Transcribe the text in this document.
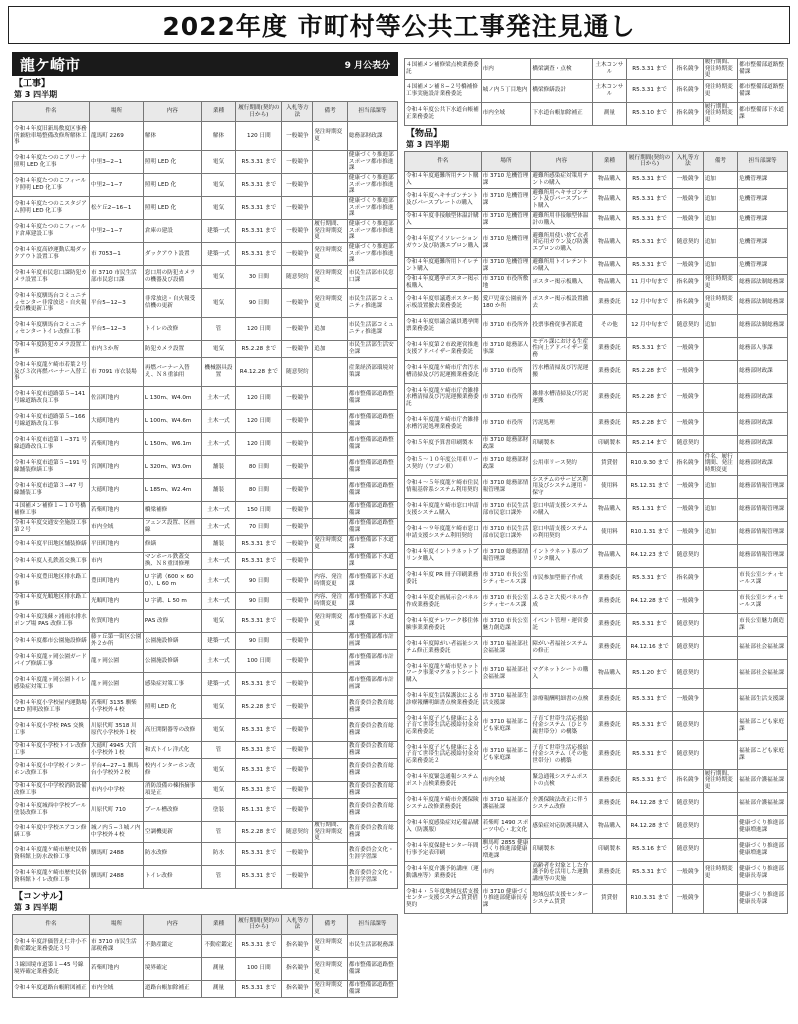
2022年度 市町村等公共工事発注見通し
龍ケ崎市	9 月公表分
【工事】
第 3 四半期
件名	場所	内容	業種	履行期間(契約の日から)	入札等方法	備考	担当部課等
令和４年度旧新馬敷度区事務所兼駐車場整備改修所解体工事	龍馬町 2269	解体	解体	120 日間	一般競争	発注時期変更	総務部財政課
令和４年度たつのこアリーナ照明 LED 化工事	中里3−2−1	照明 LED 化	電気	R5.3.31 まで	一般競争		健康づくり推進部スポーツ都市推進課
令和４年度たつのこフィールド照明 LED 化工事	中里2−1−7	照明 LED 化	電気	R5.3.31 まで	一般競争		健康づくり推進部スポーツ都市推進課
令和４年度たつのこスタジアム照明 LED 化工事	松ケ丘2−16−1	照明 LED 化	電気	R5.3.31 まで	一般競争		健康づくり推進部スポーツ都市推進課
令和４年度たつのこフィールド倉庫建設工事	中里2−1−7	倉庫の建設	建築一式	R5.3.31 まで	一般競争	履行期間、発注時期変更	健康づくり推進部スポーツ都市推進課
令和４年度高砂運動広場ダックアウト設置工事	市 7053−1	ダックアウト設置	建築一式	R5.3.31 まで	一般競争	発注時期変更	健康づくり推進部スポーツ都市推進課
令和４年度市民窓口課防犯カメラ設置工事	市 3710 市民生活部市民窓口課	窓口用の防犯カメラの機器及び設備	電気	30 日間	随意契約	発注時期変更	市民生活部市民窓口課
令和４年度馴馬台コミュニティセンター非常放送・自火報受信機更新工事	平台5−12−3	非常放送・自火報受信機の更新	電気	90 日間	一般競争	発注時期変更	市民生活部コミュニティ推進課
令和４年度馴馬台コミュニティセンタートイレ改修工事	平台5−12−3	トイレの改修	管	120 日間	一般競争	追加	市民生活部コミュニティ推進課
令和４年度防犯カメラ設置工事	市内３か所	防犯カメラ設置	電気	R5.2.28 まで	一般競争	追加	市民生活部生活安全課
令和４年度龍ケ崎市若葉２号及び３次再燃バーナー入替工事	市 7091 市衣装場	再燃バーナー入替え、Ｎ８重油用	機械器具設置	R4.12.28 まで	随意契約		産業経済部環境対策課
令和４年度市道路第５−141 号線道路改良工事	佐沼町地内	L 130m、W4.0m	土木一式	120 日間	一般競争		都市整備部道路整備課
令和４年度市道路第５−166 号線道路改良工事	大徳町地内	L 100m、W4.6m	土木一式	120 日間	一般競争		都市整備部道路整備課
令和４年度市道第１−371 号線道路改良工事	若柴町地内	L 150m、W6.1m	土木一式	120 日間	一般競争		都市整備部道路整備課
令和４年度市道第５−191 号線舗装修繕工事	宮渕町地内	L 320m、W3.0m	舗装	80 日間	一般競争		都市整備部道路整備課
令和４年度市道第３−47 号線舗装工事	大徳町地内	L 185m、W2.4m	舗装	80 日間	一般競争		都市整備部道路整備課
４国補メン補修１−１０号橋補修工事	若柴町地内	橋梁補修	土木一式	150 日間	一般競争		都市整備部道路整備課
令和４年度交通安全施設工事第２号	市内全域	フェンス設置、区画線	土木一式	70 日間	一般競争		都市整備部道路整備課
令和４年度平田地区舗装修繕	平田町地内	修繕	舗装	R5.3.31 まで	一般競争	発注時期変更	都市整備部下水道課
令和４年度人孔鉄蓋交換工事	市内	マンホール鉄蓋交換、Ｎ８重団修理	土木一式	R5.3.31 まで	一般競争		都市整備部下水道課
令和４年度豊田地区排水路工事	豊田町地内	U 字溝（600 × 600）、L 60 m	土木一式	90 日間	一般競争	内容、発注時期変更	都市整備部下水道課
令和４年度光順地区排水路工事	光順町地内	U 字溝、L 50 m	土木一式	90 日間	一般競争	内容、発注時期変更	都市整備部下水道課
令和４年度浅蘇ヶ浦雨水排水ポンプ場 PAS 改修工事	佐賀町地内	PAS 改修	電気	R5.3.31 まで	一般競争	発注時期変更	都市整備部下水道課
令和４年度都市公園施設修繕	藤ヶ丘第一街区公園外２か所	公園施設修繕	建築一式	90 日間	一般競争		都市整備部都市計画課
令和４年度龍ヶ岡公園ガードパイプ修繕工事	龍ヶ岡公園	公園施設修繕	土木一式	100 日間	一般競争		都市整備部都市計画課
令和４年度龍ヶ岡公園トイレ感染症対策工事	龍ヶ岡公園	感染症対策工事	建築一式	R5.3.31 まで	一般競争		都市整備部都市計画課
令和４年度小学校屋内運動場 LED 照明改修工事	若柴町 3135 馴柴小学校外４校	照明 LED 化	電気	R5.2.28 まで	一般競争		教育委員会教育総務課
令和４年度小学校 PAS 交換工事	川原代町 3518 川原代小学校外１校	高圧開閉器等の改修	電気	R5.3.31 まで	一般競争		教育委員会教育総務課
令和４年度小学校トイレ改修工事	大徳町 4945 大宮小学校外１校	和式トイレ洋式化	管	R5.3.31 まで	一般競争		教育委員会教育総務課
令和４年度小中学校インターホン改修工事	平台4−27−1 馴馬台小学校外２校	校内インターホン改修	電気	R5.3.31 まで	一般競争		教育委員会教育総務課
令和４年度小中学校消防設備改修工事	市内小中学校	消防設備の棟指摘事項是正	電気	R5.3.31 まで	一般競争		教育委員会教育総務課
令和４年度城西中学校プール塗装改修工事	川原代町 710	プール槽改修	塗装	R5.1.31 まで	一般競争		教育委員会教育総務課
令和４年度中学校エアコン修繕工事	城ノ内５−３城ノ内中学校外４校	空調機更新	管	R5.2.28 まで	随意契約	履行期間、発注時期変更	教育委員会教育総務課
令和４年度龍ケ崎市歴史民俗資料館上防水改修工事	馴馬町 2488	防水改修	防水	R5.3.31 まで	一般競争		教育委員会文化・生涯学習課
令和４年度龍ケ崎市歴史民俗資料館トイレ改修工事	馴馬町 2488	トイレ改修	管	R5.3.31 まで	一般競争		教育委員会文化・生涯学習課
【コンサル】
第 3 四半期
件名	場所	内容	業種	履行期間(契約の日から)	入札等方法	備考	担当部課等
令和４年度評価替え仁井小不動産鑑定業務委託３号	市 3710 市民生活部税務課	不動産鑑定	不動産鑑定	R5.3.31 まで	指名競争	発注時期変更	市民生活部税務課
３線国境市道第１−45 号線境界確定業務委託	若柴町地内	境界確定	測量	100 日間	指名競争	発注時期変更	都市整備部道路整備課
令和４年度道路台帳附図補正	市内全域	道路台帳加除補正	測量	R5.3.31 まで	指名競争	発注時期変更	都市整備部道路整備課
４国補メン補修梁点検業務委託	市内	橋梁調査・点検	土木コンサル	R5.3.31 まで	指名競争	履行期間、発注時期変更	都市整備部道路整備課
４国補メン補８−２号橋補修工事実施設計業務委託	城ノ内５丁目地内	橋梁修繕設計	土木コンサル	R5.3.31 まで	指名競争	発注時期変更	都市整備部道路整備課
令和４年度公共下水道台帳補正業務委託	市内全域	下水道台帳加除補正	測量	R5.3.10 まで	指名競争	履行期間、発注時期変更	都市整備部下水道課
【物品】
第 3 四半期
件名	場所	内容	業種	履行期間(契約の日から)	入札等方法	備考	担当部課等
令和４年度避難所用テント購入	市 3710 危機管理課	避難所感染症対策用テントの購入	物品購入	R5.3.31 まで	一般競争	追加	危機管理課
令和４年度ヘキサゴンテント及びパースプレートの購入	市 3710 危機管理課	避難所用ヘキサゴンテント及びパースプレート購入	物品購入	R5.3.31 まで	一般競争	追加	危機管理課
令和４年度非接触型体温計購入	市 3710 危機管理課	避難所用非接触型体温計の購入	物品購入	R5.3.31 まで	一般競争	追加	危機管理課
令和４年度アイソレーションガウン及び防護エプロン購入	市 3710 危機管理課	避難所用使い捨て衣者対応用ガウン及び防護エプロンの購入	物品購入	R5.3.31 まで	随意契約	追加	危機管理課
令和４年度避難所用トイレテント購入	市 3710 危機管理課	避難所用トイレテントの購入	物品購入	R5.3.31 まで	一般競争	追加	危機管理課
令和４年度選挙ポスター掲示板購入	市 3710 市役所敷地	ポスター掲示板購入	物品購入	11 月中旬まで	指名競争	発注時期変更	総務部法制総務課
令和４年度県議選ポスター掲示板設置撤去業務委託	愛戸児童公園前外 180 か所	ポスター掲示板設置撤去	業務委託	12 月中旬まで	指名競争	発注時期変更	総務部法制総務課
令和４年度県議会議員選挙開票業務委託	市 3710 市役所外	投票事務従事者派遣	その他	12 月中旬まで	随意契約	追加	総務部法制総務課
令和４年度第２市政運営推進支援アドバイザー業務委託	市 3710 総務部人事課	モデル課における生産性向上アドバイザー業務	業務委託	R5.3.31 まで	一般競争		総務部人事課
令和４年度龍ケ崎市庁舎汚水槽清掃及び汚泥運搬業務委託	市 3710 市役所	汚水槽清掃及び汚泥運搬	業務委託	R5.2.28 まで	一般競争		総務部財政課
令和４年度龍ケ崎市庁舎雑排水槽清掃及び汚泥運搬業務委託	市 3710 市役所	雑排水槽清掃及び汚泥運搬	業務委託	R5.2.28 まで	一般競争		総務部財政課
令和４年度龍ケ崎市庁舎雑排水槽汚泥処理業務委託	市 3710 市役所	汚泥処理	業務委託	R5.2.28 まで	一般競争		総務部財政課
令和５年度予算書印刷製本	市 3710 総務部財政課	印刷製本	印刷製本	R5.2.14 まで	随意契約		総務部財政課
令和５〜１０年度公用車リース契約（ワゴン車）	市 3710 総務部財政課	公用車リース契約	賃貸借	R10.9.30 まで	指名競争	件名、履行期間、発注時期変更	総務部財政課
令和４〜５年度龍ケ崎市住民情報基幹系システム利用契約	市 3710 総務部情報管理課	システムのサービス利用及びシステム運用・保守	使用料	R5.12.31 まで	一般競争	追加	総務部情報管理課
令和４年度龍ケ崎市窓口申請支援システム購入	市 3710 市民生活部市民窓口課外	窓口申請支援システムの購入	物品購入	R5.1.31 まで	一般競争	追加	総務部情報管理課
令和４〜９年度龍ケ崎市窓口申請支援システム利用契約	市 3710 市民生活部市民窓口課外	窓口申請支援システムの利用契約	使用料	R10.1.31 まで	一般競争	追加	総務部情報管理課
令和４年度イントラネットプリンタ購入	市 3710 総務部情報管理課	イントラネット系のプリンタ購入	物品購入	R4.12.23 まで	随意契約		総務部情報管理課
令和４年度 PR 冊子印刷業務委託	市 3710 市長公室シティセールス課	市民参加型冊子作成	業務委託	R5.3.31 まで	指名競争		市長公室シティセールス課
令和４年度企画展示会パネル作成業務委託	市 3710 市長公室シティセールス課	ふるさと大使パネル作成	業務委託	R4.12.28 まで	一般競争		市長公室シティセールス課
令和４年度テレワーク移住体験事業業務委託	市 3710 市長公室魅力創造課	イベント管理・運営委託	業務委託	R5.3.31 まで	随意契約		市長公室魅力創造課
令和４年度障がい者福祉システム修正業務委託	市 3710 福祉部社会福祉課	障がい者福祉システムの修正	業務委託	R4.12.16 まで	随意契約		福祉部社会福祉課
令和４年度龍ケ崎市児ネットワーク事業マグネットシート購入	市 3710 福祉部社会福祉課	マグネットシートの購入	物品購入	R5.1.20 まで	随意契約		福祉部社会福祉課
令和４年度生活保護法による診療報酬明細書点検業務委託	市 3710 福祉部生活支援課	診療報酬明細書の点検	業務委託	R5.3.31 まで	一般競争		福祉部生活支援課
令和４年度子ども健康による子育て世帯生活応援給付金対応業務委託	市 3710 福祉部こども家庭課	子育て世帯生活応援給付金システム（ひとり親世帯分）の構築	業務委託	R5.3.31 まで	随意契約		福祉部こども家庭課
令和４年度子ども健康による子育て世帯生活応援給付金対応業務委託２	市 3710 福祉部こども家庭課	子育て世帯生活応援給付金システム（その他世帯分）の構築	業務委託	R5.3.31 まで	随意契約		福祉部こども家庭課
令和４年度緊急通報システムポスト点検業務委託	市内全域	緊急通報システムポストの点検	業務委託	R5.3.31 まで	指名競争	履行期間、発注時期変更	福祉部介護福祉課
令和４年度龍ケ崎市介護保険システム改修業務委託	市 3710 福祉部介護福祉課	介護保険法改正に伴うシステム改修	業務委託	R4.12.28 まで	随意契約		福祉部介護福祉課
令和４年度感染症対応備品購入（防護服）	若柴町 1490 スポーツ中心・北文化	感染症対応防護具購入	物品購入	R4.12.28 まで	随意契約		健康づくり推進部健康増進課
令和４年度保健センター年間行事予定表印刷	馴馬町 2855 健康づくり推進部健康増進課	印刷製本	印刷製本	R5.3.16 まで	随意契約		健康づくり推進部健康増進課
令和４年度介護予防講座（運動講座等）業務委託	市内	高齢者を対象とした介護予防を活用した運動講座等の実施	業務委託	R5.3.31 まで	一般競争	発注時期変更	健康づくり推進部健康長寿課
令和４・５年度地域包括支援センター支援システム賃貸借契約	市 3710 健康づくり推進部健康長寿課	地域包括支援センターシステム賃貸	賃貸借	R10.3.31 まで	一般競争		健康づくり推進部健康長寿課
